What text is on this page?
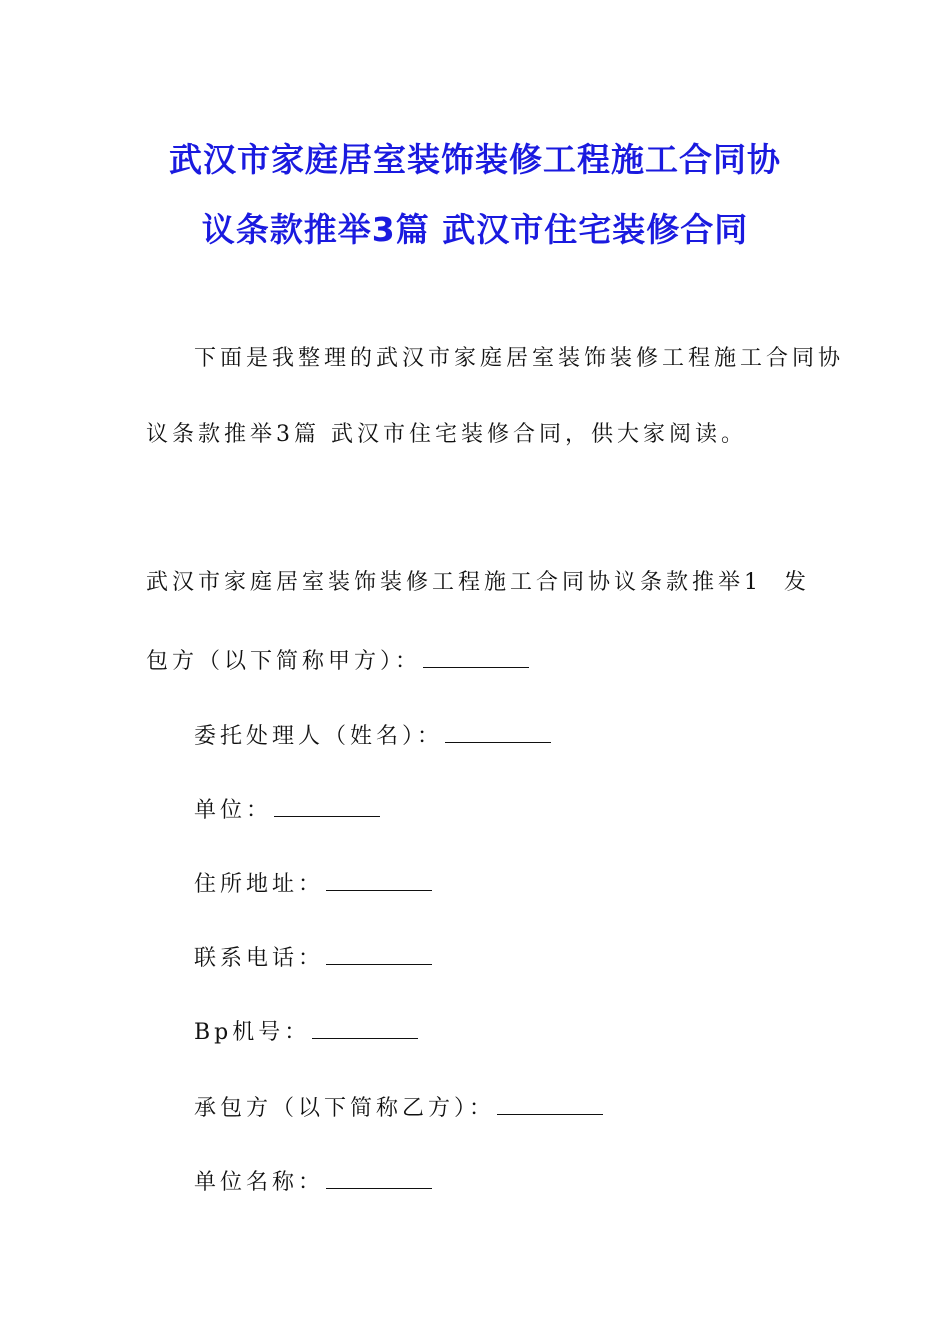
武汉市家庭居室装饰装修工程施工合同协
议条款推举3篇 武汉市住宅装修合同
下面是我整理的武汉市家庭居室装饰装修工程施工合同协
议条款推举3篇 武汉市住宅装修合同，供大家阅读。
武汉市家庭居室装饰装修工程施工合同协议条款推举1 发
包方（以下简称甲方）：
委托处理人（姓名）：
单位：
住所地址：
联系电话：
Bp机号：
承包方（以下简称乙方）：
单位名称：
